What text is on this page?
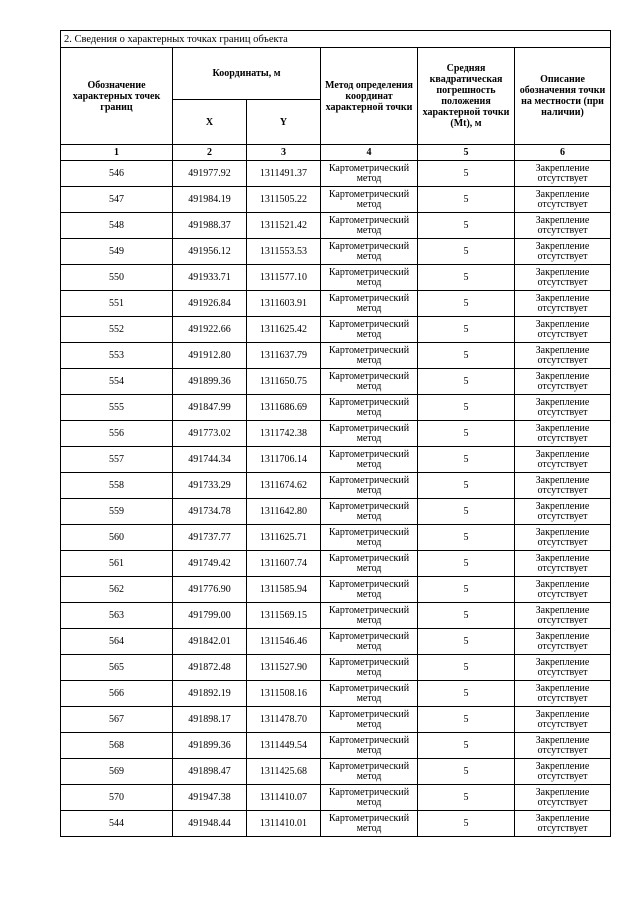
2. Сведения о характерных точках границ объекта					
Обозначение характерных точек границ	Координаты, м		Метод определения координат характерной точки	Средняя квадратическая погрешность положения характерной точки (Mt), м	Описание обозначения точки на местности (при наличии)
	X	Y			
1	2	3	4	5	6
546	491977.92	1311491.37	Картометрический метод	5	Закрепление отсутствует
547	491984.19	1311505.22	Картометрический метод	5	Закрепление отсутствует
548	491988.37	1311521.42	Картометрический метод	5	Закрепление отсутствует
549	491956.12	1311553.53	Картометрический метод	5	Закрепление отсутствует
550	491933.71	1311577.10	Картометрический метод	5	Закрепление отсутствует
551	491926.84	1311603.91	Картометрический метод	5	Закрепление отсутствует
552	491922.66	1311625.42	Картометрический метод	5	Закрепление отсутствует
553	491912.80	1311637.79	Картометрический метод	5	Закрепление отсутствует
554	491899.36	1311650.75	Картометрический метод	5	Закрепление отсутствует
555	491847.99	1311686.69	Картометрический метод	5	Закрепление отсутствует
556	491773.02	1311742.38	Картометрический метод	5	Закрепление отсутствует
557	491744.34	1311706.14	Картометрический метод	5	Закрепление отсутствует
558	491733.29	1311674.62	Картометрический метод	5	Закрепление отсутствует
559	491734.78	1311642.80	Картометрический метод	5	Закрепление отсутствует
560	491737.77	1311625.71	Картометрический метод	5	Закрепление отсутствует
561	491749.42	1311607.74	Картометрический метод	5	Закрепление отсутствует
562	491776.90	1311585.94	Картометрический метод	5	Закрепление отсутствует
563	491799.00	1311569.15	Картометрический метод	5	Закрепление отсутствует
564	491842.01	1311546.46	Картометрический метод	5	Закрепление отсутствует
565	491872.48	1311527.90	Картометрический метод	5	Закрепление отсутствует
566	491892.19	1311508.16	Картометрический метод	5	Закрепление отсутствует
567	491898.17	1311478.70	Картометрический метод	5	Закрепление отсутствует
568	491899.36	1311449.54	Картометрический метод	5	Закрепление отсутствует
569	491898.47	1311425.68	Картометрический метод	5	Закрепление отсутствует
570	491947.38	1311410.07	Картометрический метод	5	Закрепление отсутствует
544	491948.44	1311410.01	Картометрический метод	5	Закрепление отсутствует
